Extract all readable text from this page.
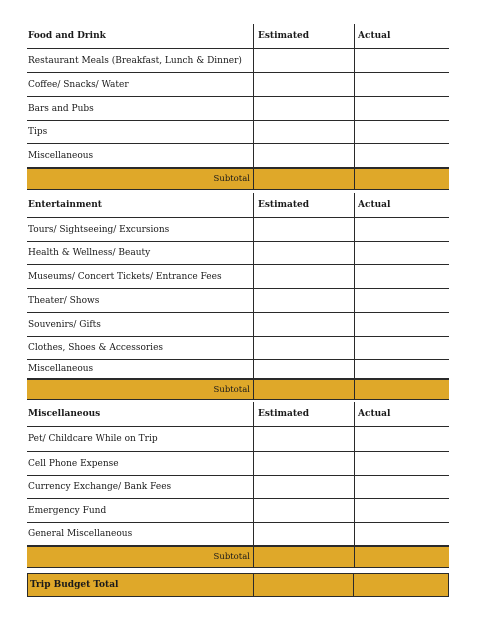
Food and Drink	Estimated	Actual
Restaurant Meals (Breakfast, Lunch & Dinner)
Coffee/ Snacks/ Water
Bars and Pubs
Tips
Miscellaneous
Subtotal
Entertainment	Estimated	Actual
Tours/ Sightseeing/ Excursions
Health & Wellness/ Beauty
Museums/ Concert Tickets/ Entrance Fees
Theater/ Shows
Souvenirs/ Gifts
Clothes, Shoes & Accessories
Miscellaneous
Subtotal
Miscellaneous	Estimated	Actual
Pet/ Childcare While on Trip
Cell Phone Expense
Currency Exchange/ Bank Fees
Emergency Fund
General Miscellaneous
Subtotal
Trip Budget Total
